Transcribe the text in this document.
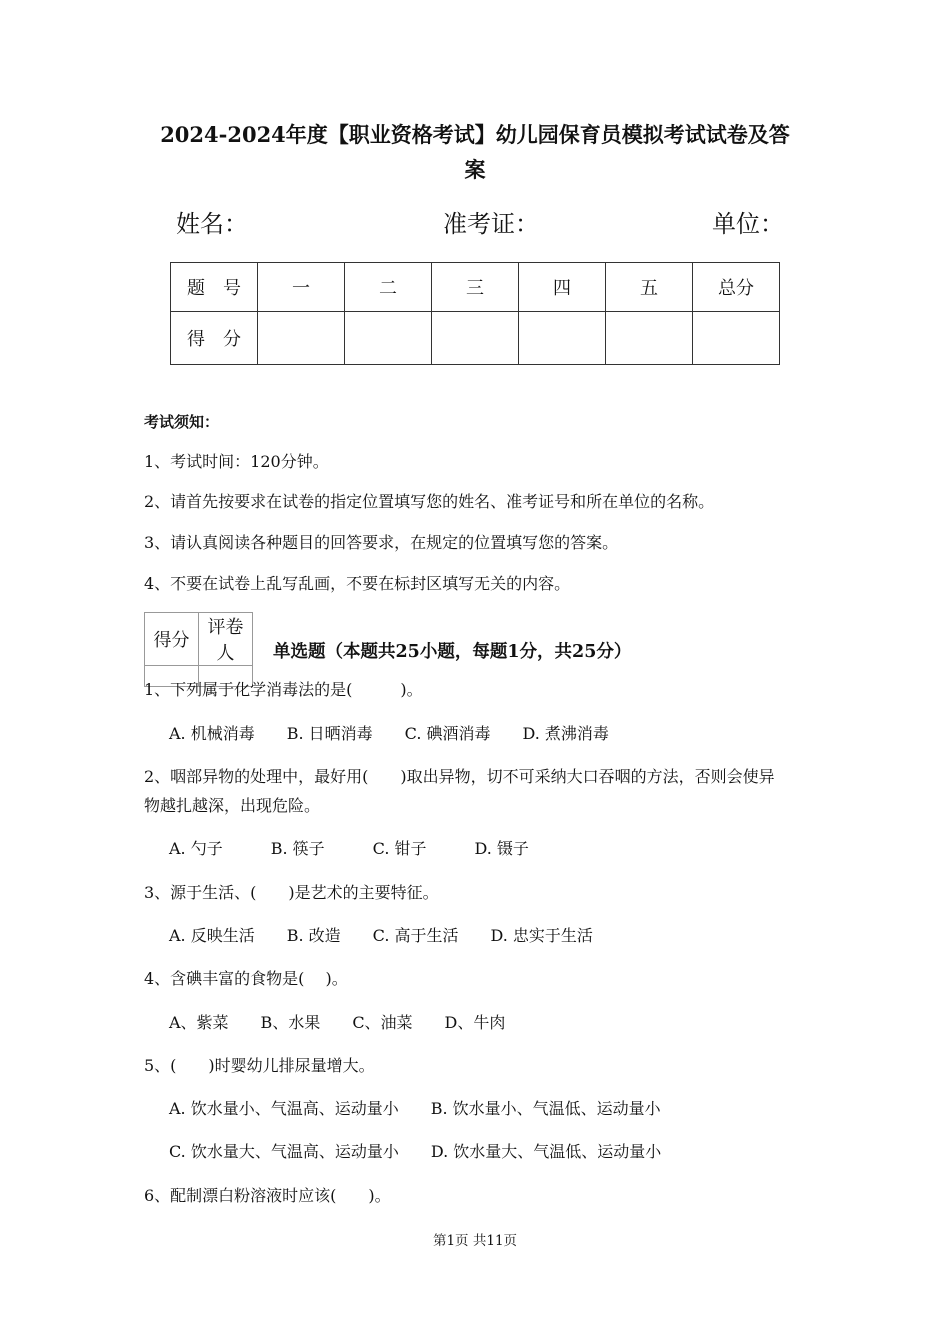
2024-2024年度【职业资格考试】幼儿园保育员模拟考试试卷及答
案
姓名：	准考证：	单位：
题　号	一	二	三	四	五	总分
得　分						
考试须知：
1、考试时间：120分钟。
2、请首先按要求在试卷的指定位置填写您的姓名、准考证号和所在单位的名称。
3、请认真阅读各种题目的回答要求，在规定的位置填写您的答案。
4、不要在试卷上乱写乱画，不要在标封区填写无关的内容。
得分	评卷人
	单选题（本题共25小题，每题1分，共25分）
1、下列属于化学消毒法的是(　　　)。
A. 机械消毒　　B. 日晒消毒　　C. 碘酒消毒　　D. 煮沸消毒
2、咽部异物的处理中，最好用(　　)取出异物，切不可采纳大口吞咽的方法，否则会使异
物越扎越深，出现危险。
A. 勺子　　　B. 筷子　　　C. 钳子　　　D. 镊子
3、源于生活、(　　)是艺术的主要特征。
A. 反映生活　　B. 改造　　C. 高于生活　　D. 忠实于生活
4、含碘丰富的食物是(　 )。
A、紫菜　　B、水果　　C、油菜　　D、牛肉
5、(　　)时婴幼儿排尿量增大。
A. 饮水量小、气温高、运动量小　　B. 饮水量小、气温低、运动量小
C. 饮水量大、气温高、运动量小　　D. 饮水量大、气温低、运动量小
6、配制漂白粉溶液时应该(　　)。
第1页 共11页
